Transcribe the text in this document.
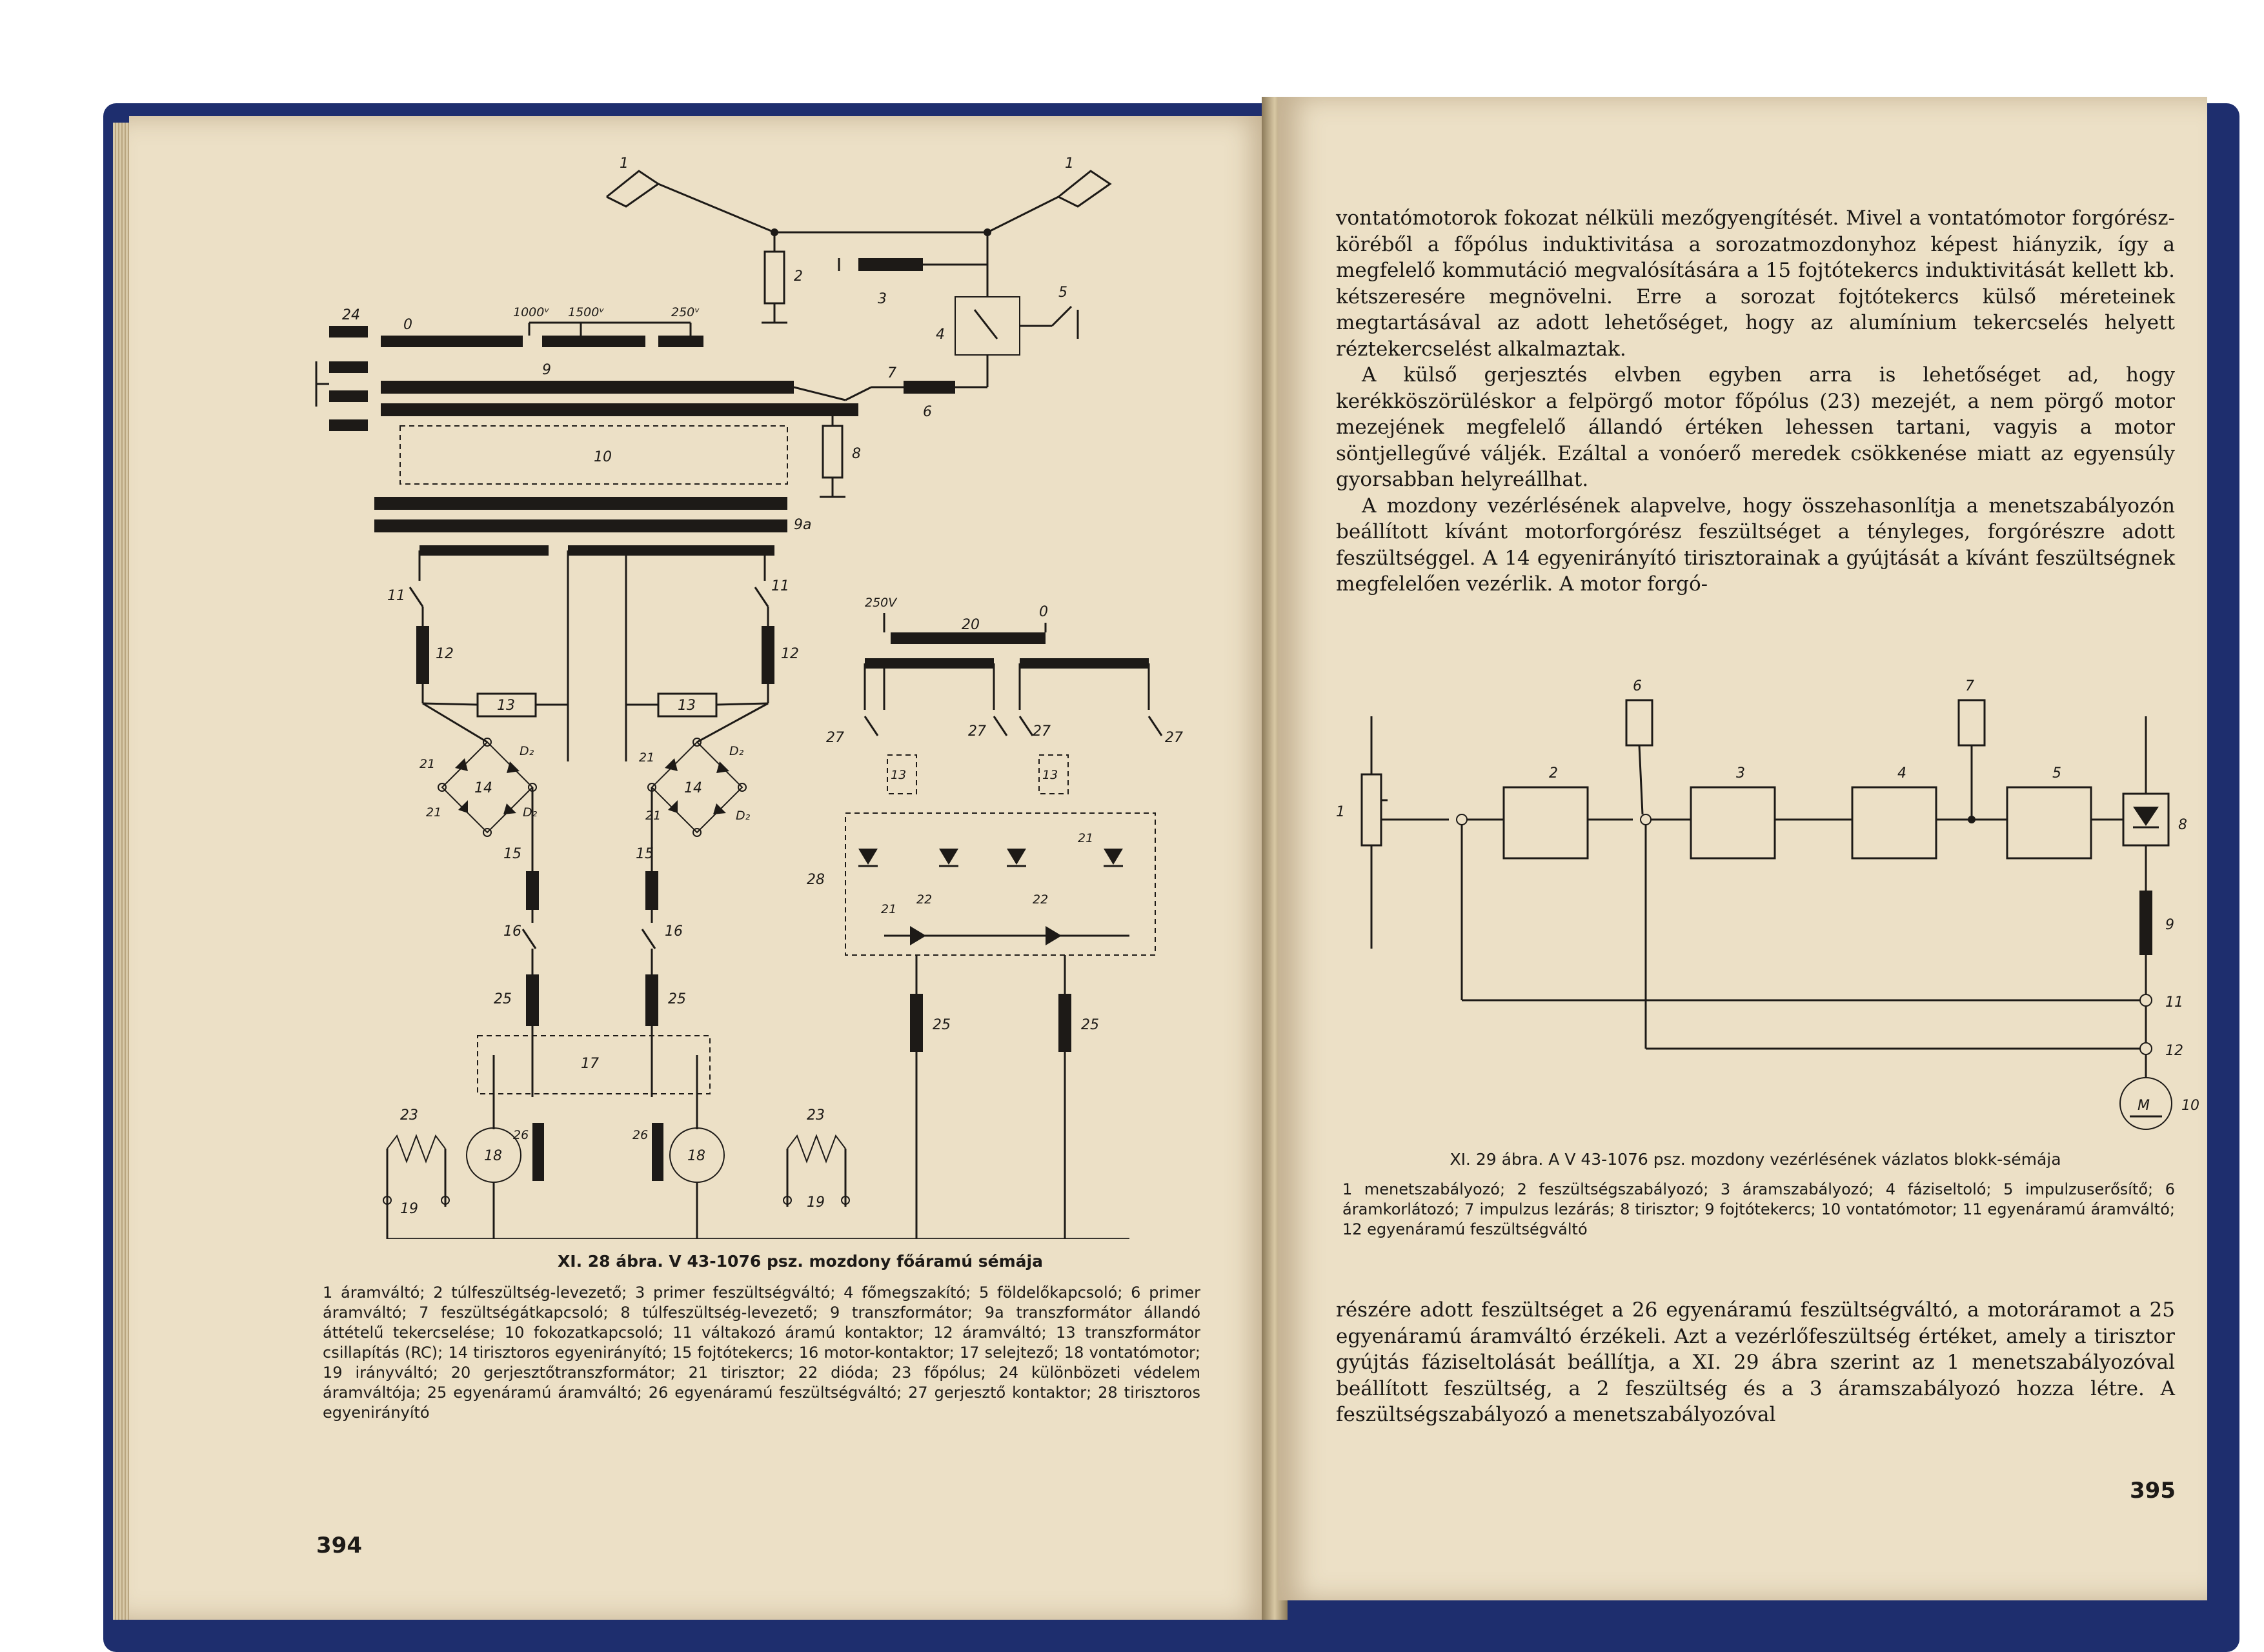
1	1
2
3
4
5
6
7
1000ᵛ 1500ᵛ	250ᵛ
0
24
9
10	8
9a
11
11
12	12
13	13
14
21
21
D₂
D₂
14
21
21
D₂
D₂
15	15
16	16
25	25
17
18	18
26	26
23	23
19	19
250V
0
20
27	27	27	27
13	13
28
21
21
22	22
25	25
XI. 28 ábra. V 43-1076 psz. mozdony főáramú sémája
1 áramváltó; 2 túlfeszültség-levezető; 3 primer feszültségváltó; 4 főmegszakító; 5 földelőkapcsoló; 6 primer áramváltó; 7 feszültségátkapcsoló; 8 túlfeszültség-levezető; 9 transzformátor; 9a transzformátor állandó áttételű tekercselése; 10 fokozatkapcsoló; 11 váltakozó áramú kontaktor; 12 áramváltó; 13 transzformátor csillapítás (RC); 14 tirisztoros egyenirányító; 15 fojtótekercs; 16 motor-kontaktor; 17 selejtező; 18 vontatómotor; 19 irányváltó; 20 gerjesztőtranszformátor; 21 tirisztor; 22 dióda; 23 főpólus; 24 különbözeti védelem áramváltója; 25 egyenáramú áramváltó; 26 egyenáramú feszültségváltó; 27 gerjesztő kontaktor; 28 tirisztoros egyenirányító
394

vontatómotorok fokozat nélküli mezőgyengítését. Mivel a vontatómotor forgórész-köréből a főpólus induktivitása a sorozatmozdonyhoz képest hiányzik, így a megfelelő kommutáció megvalósítására a 15 fojtótekercs induktivitását kellett kb. kétszeresére megnövelni. Erre a sorozat fojtótekercs külső méreteinek megtartásával az adott lehetőséget, hogy az alumínium tekercselés helyett réztekercselést alkalmaztak.

A külső gerjesztés elvben egyben arra is lehetőséget ad, hogy kerékköszörüléskor a felpörgő motor főpólus (23) mezejét, a nem pörgő motor mezejének megfelelő állandó értéken lehessen tartani, vagyis a motor söntjellegűvé váljék. Ezáltal a vonóerő meredek csökkenése miatt az egyensúly gyorsabban helyreállhat.

A mozdony vezérlésének alapvelve, hogy összehasonlítja a menetszabályozón beállított kívánt motorforgórész feszültséget a tényleges, forgórészre adott feszültséggel. A 14 egyenirányító tirisztorainak a gyújtását a kívánt feszültségnek megfelelően vezérlik. A motor forgó-

1
2
6
3	4
7
5
8
9
11
12
M 10
XI. 29 ábra. A V 43-1076 psz. mozdony vezérlésének vázlatos blokk-sémája
1 menetszabályozó; 2 feszültségszabályozó; 3 áramszabályozó; 4 fáziseltoló; 5 impulzuserősítő; 6 áramkorlátozó; 7 impulzus lezárás; 8 tirisztor; 9 fojtótekercs; 10 vontatómotor; 11 egyenáramú áramváltó; 12 egyenáramú feszültségváltó

részére adott feszültséget a 26 egyenáramú feszültségváltó, a motoráramot a 25 egyenáramú áramváltó érzékeli. Azt a vezérlőfeszültség értéket, amely a tirisztor gyújtás fáziseltolását beállítja, a XI. 29 ábra szerint az 1 menetszabályozóval beállított feszültség, a 2 feszültség és a 3 áramszabályozó hozza létre. A feszültségszabályozó a menetszabályozóval

395
